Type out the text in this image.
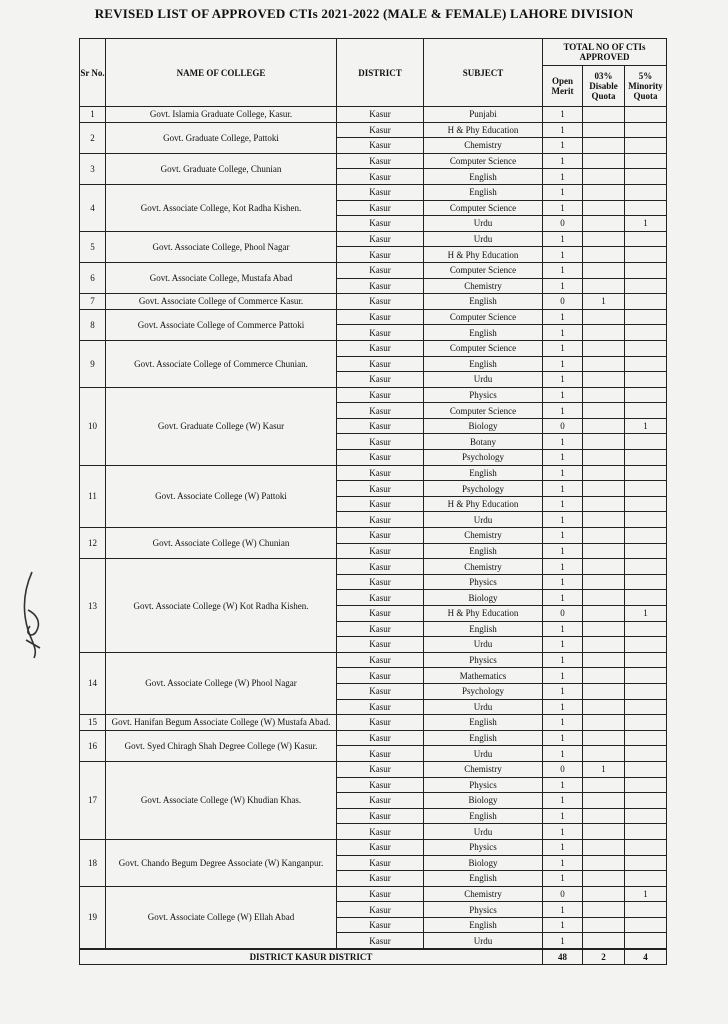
REVISED LIST OF APPROVED CTIs 2021-2022 (MALE & FEMALE) LAHORE DIVISION
Sr No.	NAME OF COLLEGE	DISTRICT	SUBJECT	TOTAL NO OF CTIs APPROVED		
				Open Merit	03% Disable Quota	5% Minority Quota
1	Govt. Islamia Graduate College, Kasur.	Kasur	Punjabi	1		
2	Govt. Graduate College, Pattoki	Kasur	H & Phy Education	1		
		Kasur	Chemistry	1		
3	Govt. Graduate College, Chunian	Kasur	Computer Science	1		
		Kasur	English	1		
4	Govt. Associate College, Kot Radha Kishen.	Kasur	English	1		
		Kasur	Computer Science	1		
		Kasur	Urdu	0		1
5	Govt. Associate College, Phool Nagar	Kasur	Urdu	1		
		Kasur	H & Phy Education	1		
6	Govt. Associate College, Mustafa Abad	Kasur	Computer Science	1		
		Kasur	Chemistry	1		
7	Govt. Associate College of Commerce Kasur.	Kasur	English	0	1	
8	Govt. Associate College of Commerce Pattoki	Kasur	Computer Science	1		
		Kasur	English	1		
9	Govt. Associate College of Commerce Chunian.	Kasur	Computer Science	1		
		Kasur	English	1		
		Kasur	Urdu	1		
10	Govt. Graduate College (W) Kasur	Kasur	Physics	1		
		Kasur	Computer Science	1		
		Kasur	Biology	0		1
		Kasur	Botany	1		
		Kasur	Psychology	1		
11	Govt. Associate College (W) Pattoki	Kasur	English	1		
		Kasur	Psychology	1		
		Kasur	H & Phy Education	1		
		Kasur	Urdu	1		
12	Govt. Associate College (W) Chunian	Kasur	Chemistry	1		
		Kasur	English	1		
13	Govt. Associate College (W) Kot Radha Kishen.	Kasur	Chemistry	1		
		Kasur	Physics	1		
		Kasur	Biology	1		
		Kasur	H & Phy Education	0		1
		Kasur	English	1		
		Kasur	Urdu	1		
14	Govt. Associate College (W) Phool Nagar	Kasur	Physics	1		
		Kasur	Mathematics	1		
		Kasur	Psychology	1		
		Kasur	Urdu	1		
15	Govt. Hanifan Begum Associate College (W) Mustafa Abad.	Kasur	English	1		
16	Govt. Syed Chiragh Shah Degree College (W) Kasur.	Kasur	English	1		
		Kasur	Urdu	1		
17	Govt. Associate College (W) Khudian Khas.	Kasur	Chemistry	0	1	
		Kasur	Physics	1		
		Kasur	Biology	1		
		Kasur	English	1		
		Kasur	Urdu	1		
18	Govt. Chando Begum Degree Associate (W) Kanganpur.	Kasur	Physics	1		
		Kasur	Biology	1		
		Kasur	English	1		
19	Govt. Associate College (W) Ellah Abad	Kasur	Chemistry	0		1
		Kasur	Physics	1		
		Kasur	English	1		
		Kasur	Urdu	1		
DISTRICT KASUR DISTRICT				48	2	4
